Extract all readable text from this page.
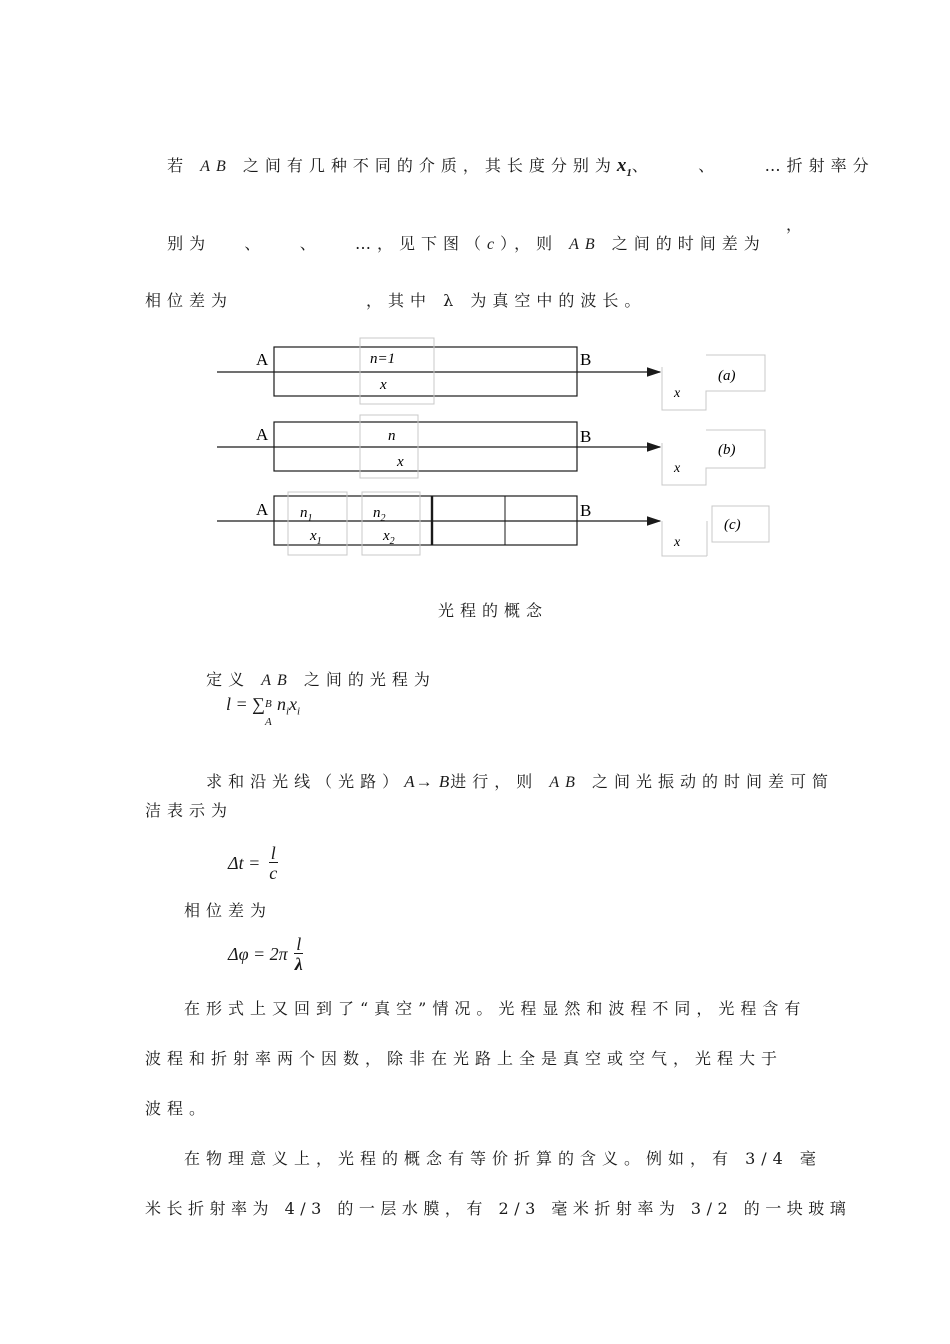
若 AB 之间有几种不同的介质，其长度分别为$x_1$、    、    …折射率分

别为   、   、   …，见下图（c），则 AB 之间的时间差为

，
相位差为	，其中 λ 为真空中的波长。
A	B
n=1
x
x
(a)
A	B
n
x	x
(b)
A	B
$n_1$	$n_2$
$x_1$	$x_2$	x
(c)
光程的概念

定义 AB 之间的光程为

l = ∑ B
A
$n_ix_i$

求和沿光线（光路）A→ B进行，则 AB 之间光振动的时间差可简

洁表示为
$\Delta t = \frac{l}{c}$
相位差为
$\Delta\varphi = 2\pi \frac{l}{\lambda}$
在形式上又回到了“真空”情况。光程显然和波程不同，光程含有
波程和折射率两个因数，除非在光路上全是真空或空气，光程大于
波程。
在物理意义上，光程的概念有等价折算的含义。例如，有 3/4 毫
米长折射率为 4/3 的一层水膜，有 2/3 毫米折射率为 3/2 的一块玻璃
